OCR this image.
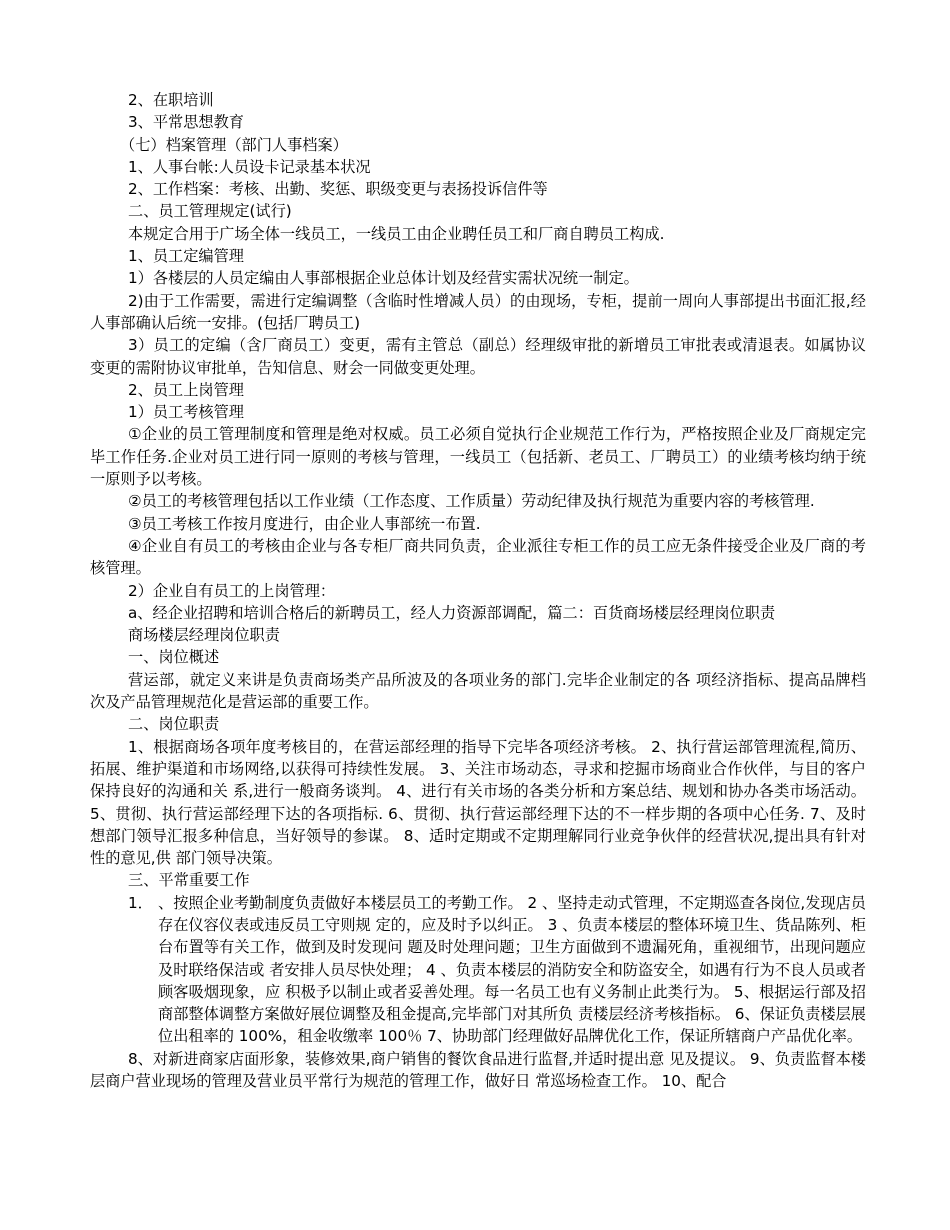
2、在职培训

3、平常思想教育

（七）档案管理（部门人事档案）

1、人事台帐:人员设卡记录基本状况

2、工作档案：考核、出勤、奖惩、职级变更与表扬投诉信件等

二、员工管理规定(试行)

本规定合用于广场全体一线员工，一线员工由企业聘任员工和厂商自聘员工构成.

1、员工定编管理

1）各楼层的人员定编由人事部根据企业总体计划及经营实需状况统一制定。

2)由于工作需要，需进行定编调整（含临时性增减人员）的由现场，专柜，提前一周向人事部提出书面汇报,经人事部确认后统一安排。(包括厂聘员工)

3）员工的定编（含厂商员工）变更，需有主管总（副总）经理级审批的新增员工审批表或清退表。如属协议变更的需附协议审批单，告知信息、财会一同做变更处理。

2、员工上岗管理

1）员工考核管理

①企业的员工管理制度和管理是绝对权威。员工必须自觉执行企业规范工作行为，严格按照企业及厂商规定完毕工作任务.企业对员工进行同一原则的考核与管理，一线员工（包括新、老员工、厂聘员工）的业绩考核均纳于统一原则予以考核。

②员工的考核管理包括以工作业绩（工作态度、工作质量）劳动纪律及执行规范为重要内容的考核管理.

③员工考核工作按月度进行，由企业人事部统一布置.

④企业自有员工的考核由企业与各专柜厂商共同负责，企业派往专柜工作的员工应无条件接受企业及厂商的考核管理。

2）企业自有员工的上岗管理：

a、经企业招聘和培训合格后的新聘员工，经人力资源部调配，篇二：百货商场楼层经理岗位职责

商场楼层经理岗位职责

一、岗位概述

营运部，就定义来讲是负责商场类产品所波及的各项业务的部门.完毕企业制定的各 项经济指标、提高品牌档次及产品管理规范化是营运部的重要工作。

二、岗位职责

1、根据商场各项年度考核目的，在营运部经理的指导下完毕各项经济考核。 2、执行营运部管理流程,简历、拓展、维护渠道和市场网络,以获得可持续性发展。 3、关注市场动态，寻求和挖掘市场商业合作伙伴，与目的客户保持良好的沟通和关 系,进行一般商务谈判。 4、进行有关市场的各类分析和方案总结、规划和协办各类市场活动。 5、贯彻、执行营运部经理下达的各项指标. 6、贯彻、执行营运部经理下达的不一样步期的各项中心任务. 7、及时想部门领导汇报多种信息，当好领导的参谋。 8、适时定期或不定期理解同行业竞争伙伴的经营状况,提出具有针对性的意见,供 部门领导决策。

三、平常重要工作

1． 、按照企业考勤制度负责做好本楼层员工的考勤工作。 2 、坚持走动式管理，不定期巡查各岗位,发现店员存在仪容仪表或违反员工守则规 定的，应及时予以纠正。 3 、负责本楼层的整体环境卫生、货品陈列、柜台布置等有关工作，做到及时发现问 题及时处理问题；卫生方面做到不遗漏死角，重视细节，出现问题应及时联络保洁或 者安排人员尽快处理； 4 、负责本楼层的消防安全和防盗安全，如遇有行为不良人员或者顾客吸烟现象，应 积极予以制止或者妥善处理。每一名员工也有义务制止此类行为。 5、根据运行部及招商部整体调整方案做好展位调整及租金提高,完毕部门对其所负 责楼层经济考核指标。 6、保证负责楼层展位出租率的 100%，租金收缴率 100％ 7、协助部门经理做好品牌优化工作，保证所辖商户产品优化率。

8、对新进商家店面形象，装修效果,商户销售的餐饮食品进行监督,并适时提出意 见及提议。 9、负责监督本楼层商户营业现场的管理及营业员平常行为规范的管理工作，做好日 常巡场检查工作。 10、配合
